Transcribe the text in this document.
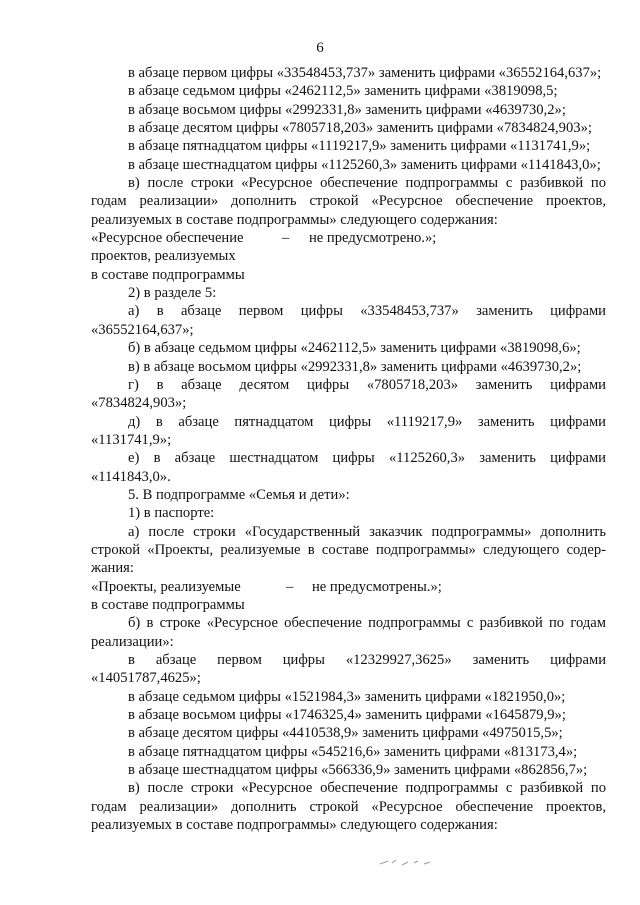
6

в абзаце первом цифры «33548453,737» заменить цифрами «36552164,637»;

в абзаце седьмом цифры «2462112,5» заменить цифрами «3819098,5;

в абзаце восьмом цифры «2992331,8» заменить цифрами «4639730,2»;

в абзаце десятом цифры «7805718,203» заменить цифрами «7834824,903»;

в абзаце пятнадцатом цифры «1119217,9» заменить цифрами «1131741,9»;

в абзаце шестнадцатом цифры «1125260,3» заменить цифрами «1141843,0»;

в) после строки «Ресурсное обеспечение подпрограммы с разбивкой по годам реализации» дополнить строкой «Ресурсное обеспечение проектов, реализуемых в составе подпрограммы» следующего содержания:

«Ресурсное обеспечение	– не предусмотрено.»;
проектов, реализуемых
в составе подпрограммы

2) в разделе 5:

а) в абзаце первом цифры «33548453,737» заменить цифрами «36552164,637»;

б) в абзаце седьмом цифры «2462112,5» заменить цифрами «3819098,6»;

в) в абзаце восьмом цифры «2992331,8» заменить цифрами «4639730,2»;

г) в абзаце десятом цифры «7805718,203» заменить цифрами «7834824,903»;

д) в абзаце пятнадцатом цифры «1119217,9» заменить цифрами «1131741,9»;

е) в абзаце шестнадцатом цифры «1125260,3» заменить цифрами «1141843,0».

5. В подпрограмме «Семья и дети»:

1) в паспорте:

а) после строки «Государственный заказчик подпрограммы» дополнить строкой «Проекты, реализуемые в составе подпрограммы» следующего содержания:

«Проекты, реализуемые	– не предусмотрены.»;
в составе подпрограммы

б) в строке «Ресурсное обеспечение подпрограммы с разбивкой по годам реализации»:

в абзаце первом цифры «12329927,3625» заменить цифрами «14051787,4625»;

в абзаце седьмом цифры «1521984,3» заменить цифрами «1821950,0»;

в абзаце восьмом цифры «1746325,4» заменить цифрами «1645879,9»;

в абзаце десятом цифры «4410538,9» заменить цифрами «4975015,5»;

в абзаце пятнадцатом цифры «545216,6» заменить цифрами «813173,4»;

в абзаце шестнадцатом цифры «566336,9» заменить цифрами «862856,7»;

в) после строки «Ресурсное обеспечение подпрограммы с разбивкой по годам реализации» дополнить строкой «Ресурсное обеспечение проектов, реализуемых в составе подпрограммы» следующего содержания:
